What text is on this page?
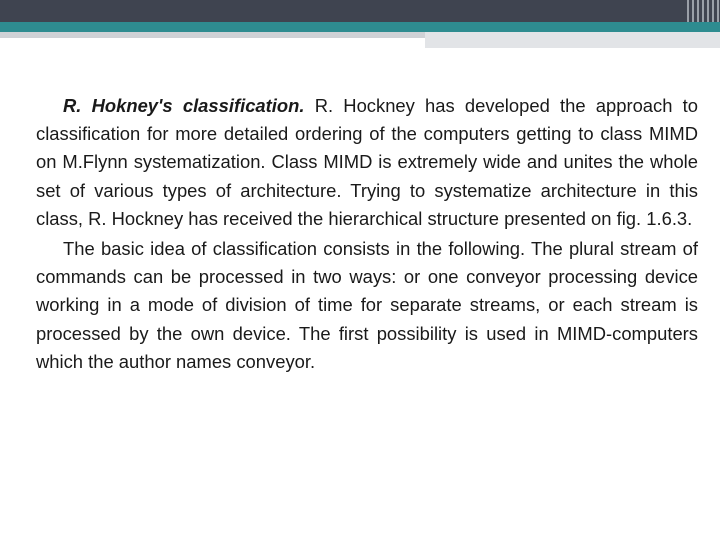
R. Hokney's classification. R. Hockney has developed the approach to classification for more detailed ordering of the computers getting to class MIMD on M.Flynn systematization. Class MIMD is extremely wide and unites the whole set of various types of architecture. Trying to systematize architecture in this class, R. Hockney has received the hierarchical structure presented on fig. 1.6.3.

The basic idea of classification consists in the following. The plural stream of commands can be processed in two ways: or one conveyor processing device working in a mode of division of time for separate streams, or each stream is processed by the own device. The first possibility is used in MIMD-computers which the author names conveyor.
